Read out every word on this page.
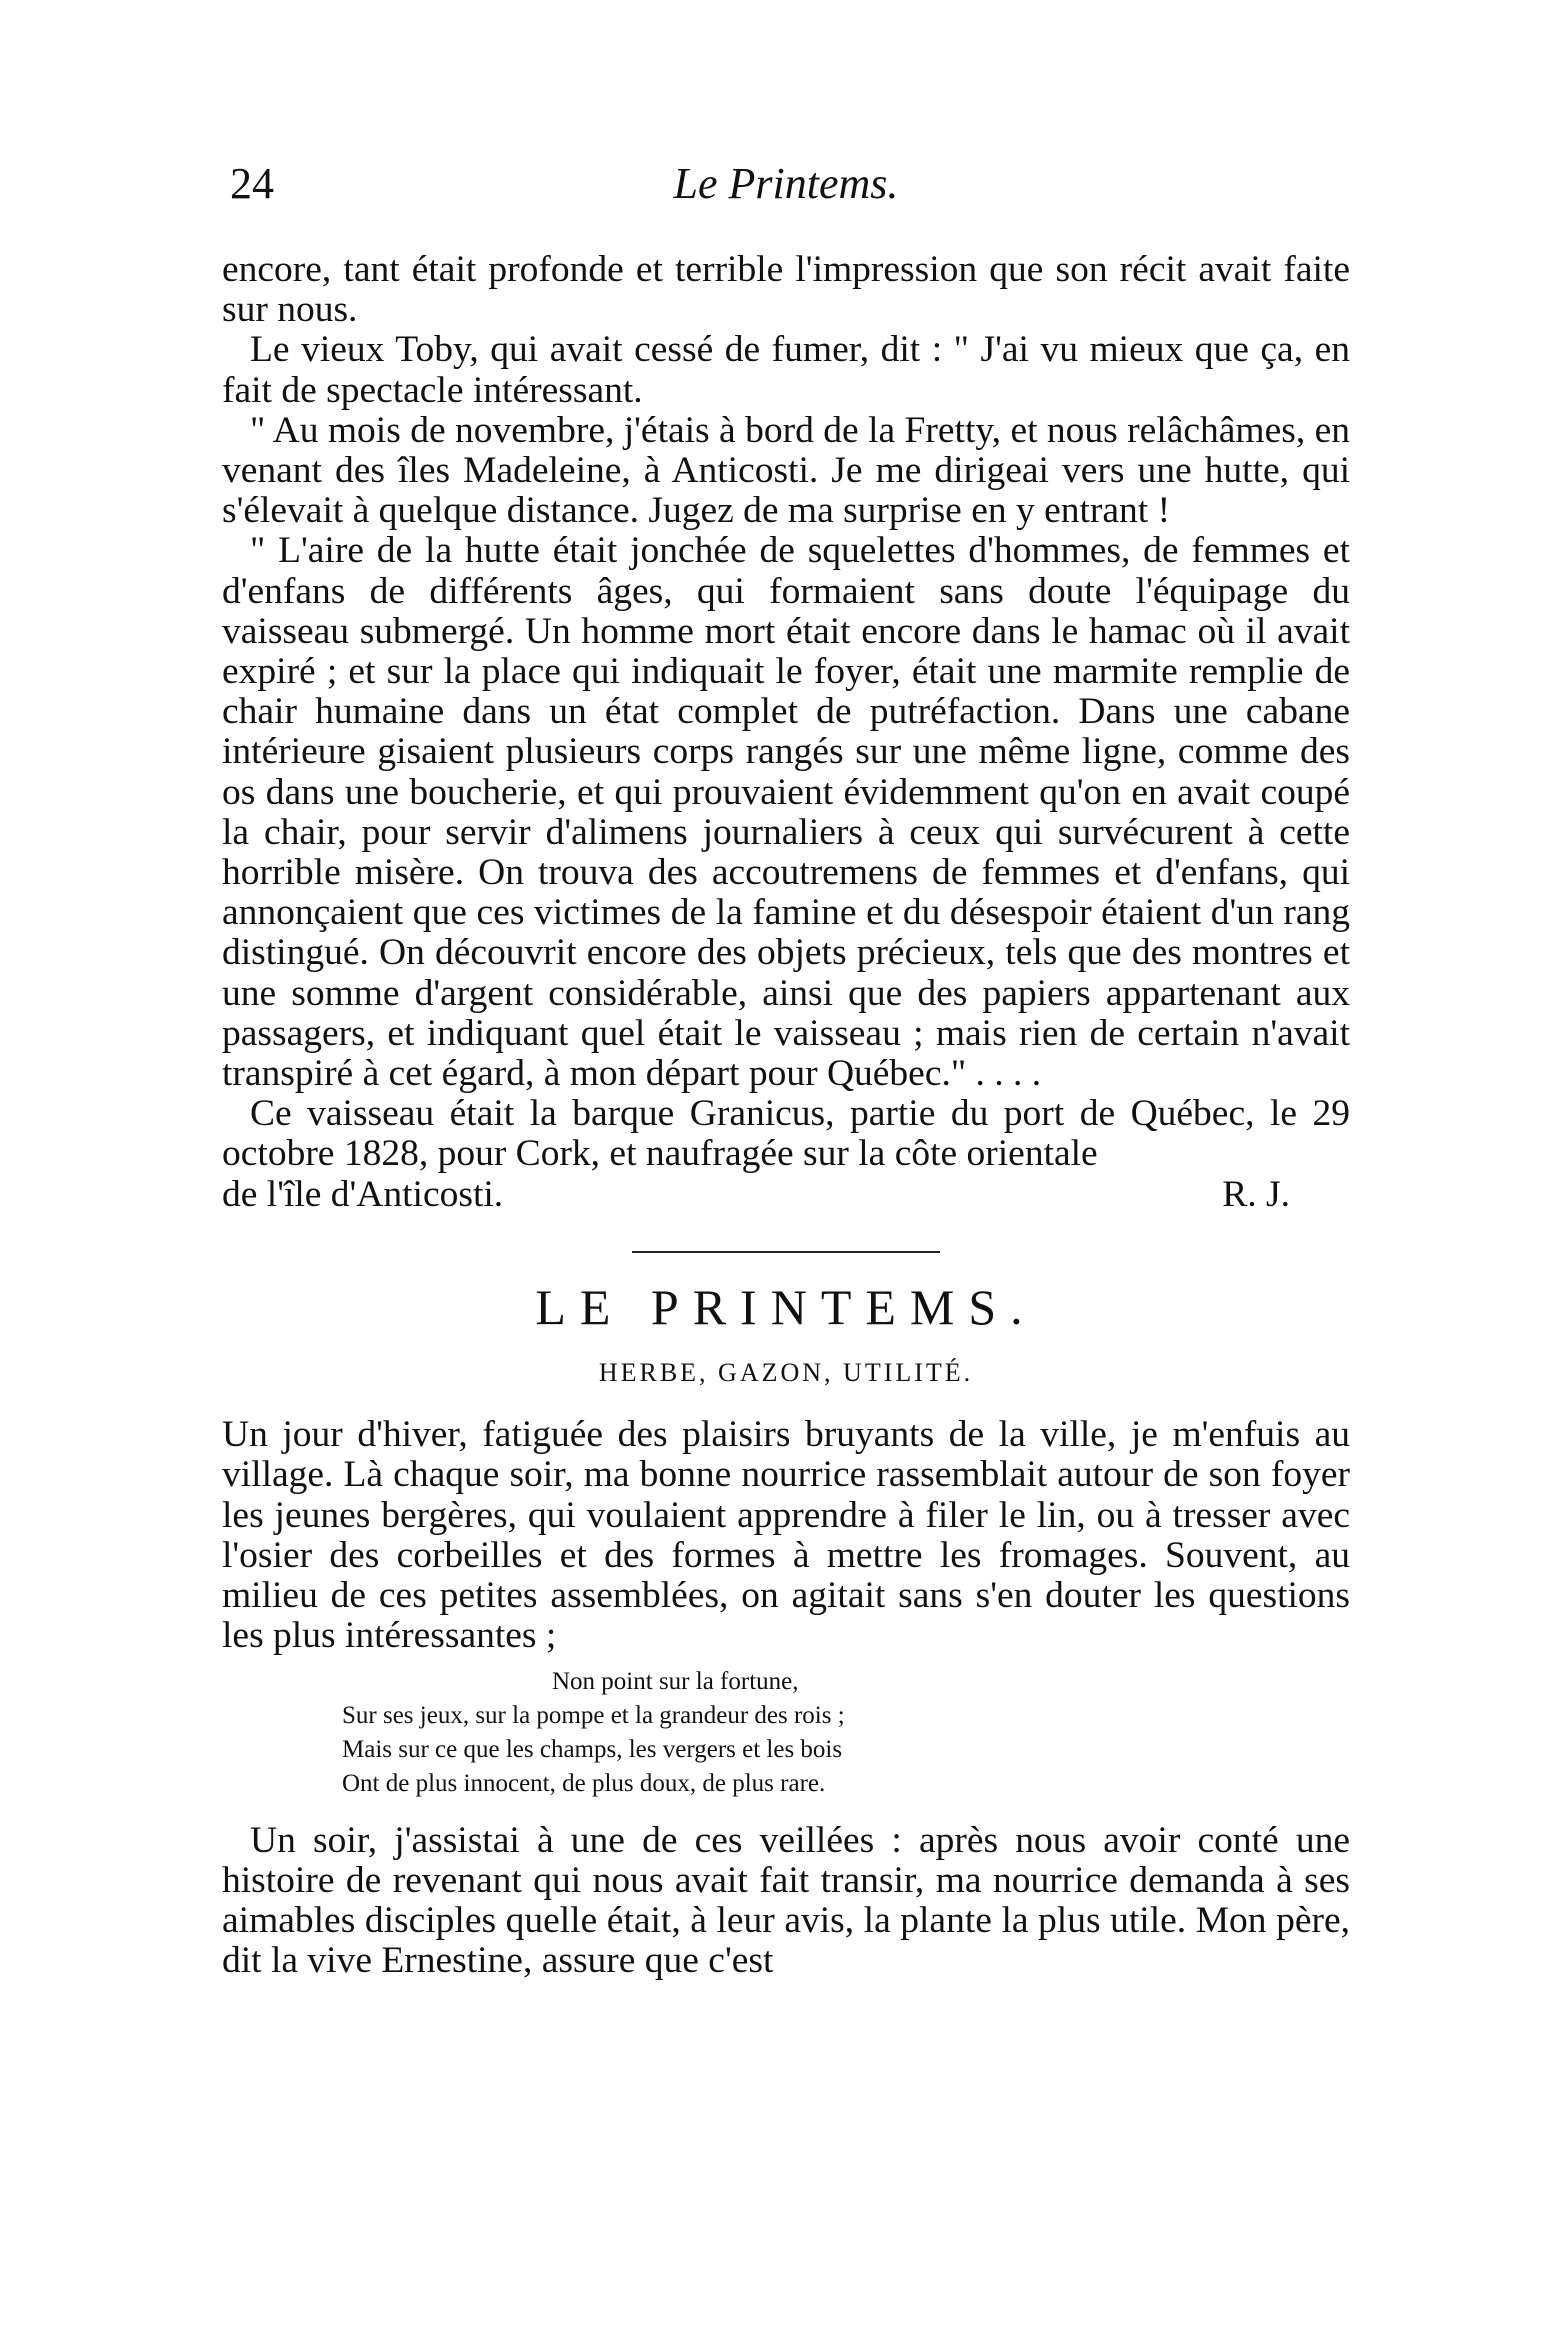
24	Le Printems.

encore, tant était profonde et terrible l'impression que son récit avait faite sur nous.

Le vieux Toby, qui avait cessé de fumer, dit : " J'ai vu mieux que ça, en fait de spectacle intéressant.

" Au mois de novembre, j'étais à bord de la Fretty, et nous relâchâmes, en venant des îles Madeleine, à Anticosti. Je me dirigeai vers une hutte, qui s'élevait à quelque distance. Jugez de ma surprise en y entrant !

" L'aire de la hutte était jonchée de squelettes d'hommes, de femmes et d'enfans de différents âges, qui formaient sans doute l'équipage du vaisseau submergé. Un homme mort était encore dans le hamac où il avait expiré ; et sur la place qui indiquait le foyer, était une marmite remplie de chair humaine dans un état complet de putréfaction. Dans une cabane intérieure gisaient plusieurs corps rangés sur une même ligne, comme des os dans une boucherie, et qui prouvaient évidemment qu'on en avait coupé la chair, pour servir d'alimens journaliers à ceux qui survécurent à cette horrible misère. On trouva des accoutremens de femmes et d'enfans, qui annonçaient que ces victimes de la famine et du désespoir étaient d'un rang distingué. On découvrit encore des objets précieux, tels que des montres et une somme d'argent considérable, ainsi que des papiers appartenant aux passagers, et indiquant quel était le vaisseau ; mais rien de certain n'avait transpiré à cet égard, à mon départ pour Québec." . . . .

Ce vaisseau était la barque Granicus, partie du port de Québec, le 29 octobre 1828, pour Cork, et naufragée sur la côte orientale

de l'île d'Anticosti.	R. J.
LE PRINTEMS.
HERBE, GAZON, UTILITÉ.

Un jour d'hiver, fatiguée des plaisirs bruyants de la ville, je m'enfuis au village. Là chaque soir, ma bonne nourrice rassemblait autour de son foyer les jeunes bergères, qui voulaient apprendre à filer le lin, ou à tresser avec l'osier des corbeilles et des formes à mettre les fromages. Souvent, au milieu de ces petites assemblées, on agitait sans s'en douter les questions les plus intéressantes ;

Non point sur la fortune,
Sur ses jeux, sur la pompe et la grandeur des rois ;
Mais sur ce que les champs, les vergers et les bois
Ont de plus innocent, de plus doux, de plus rare.

Un soir, j'assistai à une de ces veillées : après nous avoir conté une histoire de revenant qui nous avait fait transir, ma nourrice demanda à ses aimables disciples quelle était, à leur avis, la plante la plus utile. Mon père, dit la vive Ernestine, assure que c'est
